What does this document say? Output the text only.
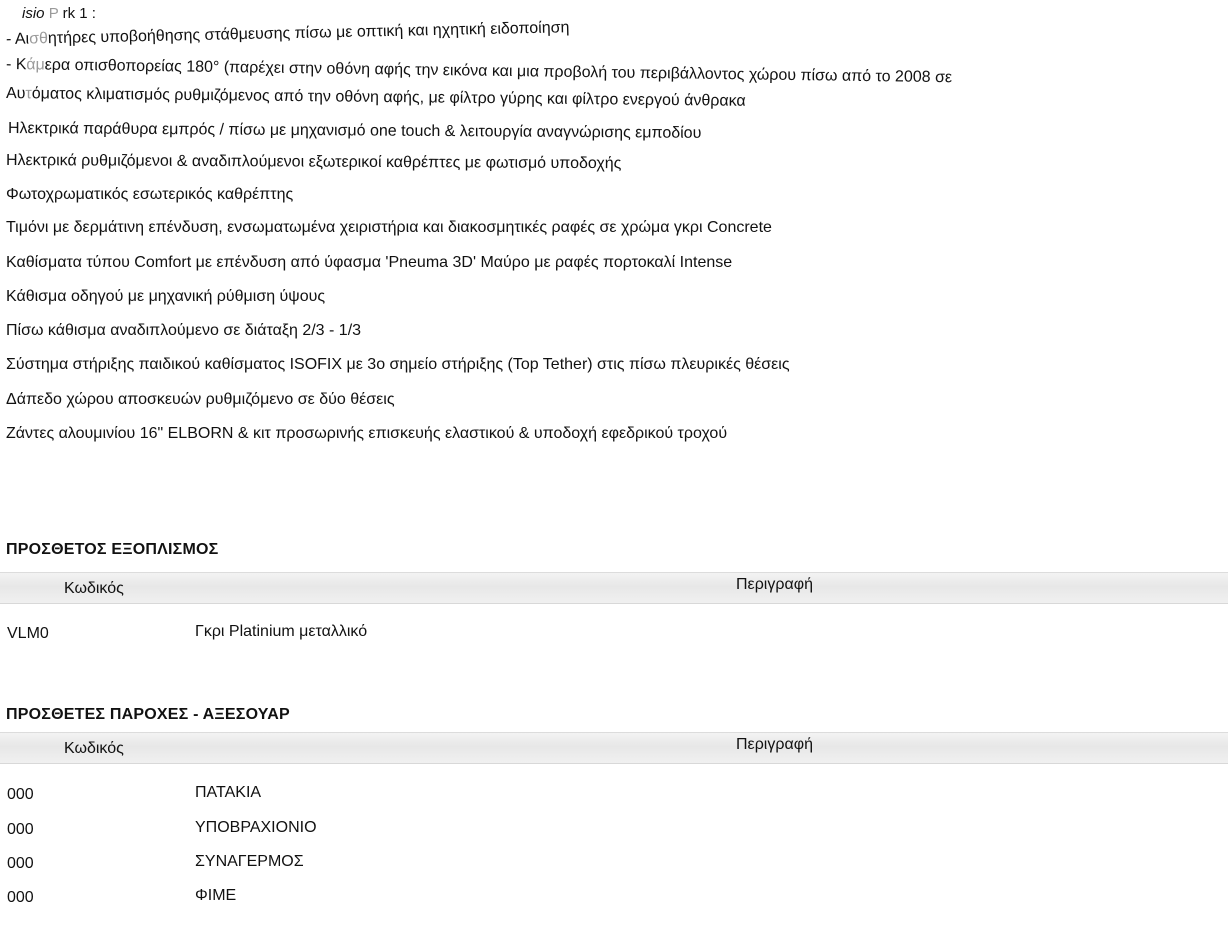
isio P rk 1 :
- Αισθητήρες υποβοήθησης στάθμευσης πίσω με οπτική και ηχητική ειδοποίηση
- Κάμερα οπισθοπορείας 180° (παρέχει στην οθόνη αφής την εικόνα και μια προβολή του περιβάλλοντος χώρου πίσω από το 2008 σε
Αυτόματος κλιματισμός ρυθμιζόμενος από την οθόνη αφής, με φίλτρο γύρης και φίλτρο ενεργού άνθρακα
Ηλεκτρικά παράθυρα εμπρός / πίσω με μηχανισμό one touch & λειτουργία αναγνώρισης εμποδίου
Ηλεκτρικά ρυθμιζόμενοι & αναδιπλούμενοι εξωτερικοί καθρέπτες με φωτισμό υποδοχής
Φωτοχρωματικός εσωτερικός καθρέπτης
Τιμόνι με δερμάτινη επένδυση, ενσωματωμένα χειριστήρια και διακοσμητικές ραφές σε χρώμα γκρι Concrete
Καθίσματα τύπου Comfort με επένδυση από ύφασμα 'Pneuma 3D' Μαύρο με ραφές πορτοκαλί Intense
Κάθισμα οδηγού με μηχανική ρύθμιση ύψους
Πίσω κάθισμα αναδιπλούμενο σε διάταξη 2/3 - 1/3
Σύστημα στήριξης παιδικού καθίσματος ISOFIX με 3ο σημείο στήριξης (Top Tether) στις πίσω πλευρικές θέσεις
Δάπεδο χώρου αποσκευών ρυθμιζόμενο σε δύο θέσεις
Ζάντες αλουμινίου 16" ELBORN & κιτ προσωρινής επισκευής ελαστικού & υποδοχή εφεδρικού τροχού
ΠΡΟΣΘΕΤΟΣ ΕΞΟΠΛΙΣΜΟΣ
Κωδικός	Περιγραφή
VLM0	Γκρι Platinium μεταλλικό
ΠΡΟΣΘΕΤΕΣ ΠΑΡΟΧΕΣ - ΑΞΕΣΟΥΑΡ
Κωδικός	Περιγραφή
000	ΠΑΤΑΚΙΑ
000	ΥΠΟΒΡΑΧΙΟΝΙΟ
000	ΣΥΝΑΓΕΡΜΟΣ
000	ΦΙΜΕ
